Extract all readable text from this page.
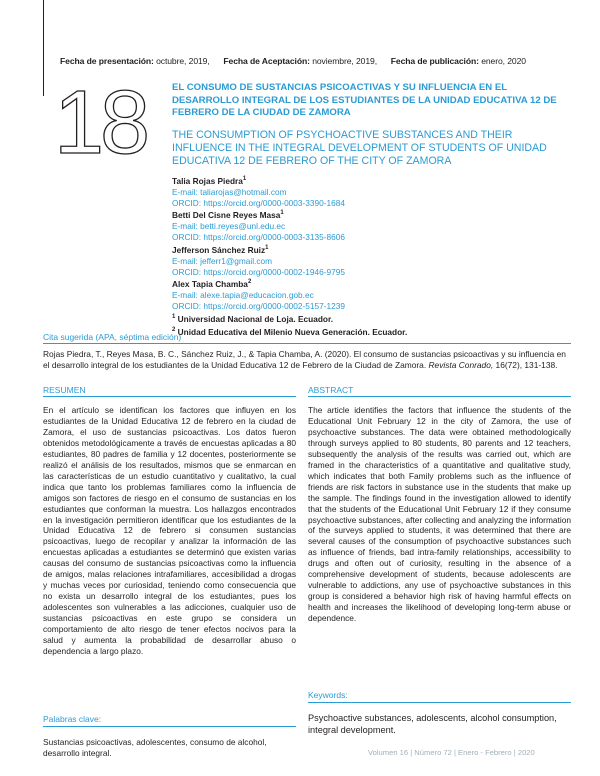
Fecha de presentación: octubre, 2019, Fecha de Aceptación: noviembre, 2019, Fecha de publicación: enero, 2020
18	EL CONSUMO DE SUSTANCIAS PSICOACTIVAS Y SU INFLUENCIA EN EL DESARROLLO INTEGRAL DE LOS ESTUDIANTES DE LA UNIDAD EDUCATIVA 12 DE FEBRERO DE LA CIUDAD DE ZAMORA
THE CONSUMPTION OF PSYCHOACTIVE SUBSTANCES AND THEIR INFLUENCE IN THE INTEGRAL DEVELOPMENT OF STUDENTS OF UNIDAD EDUCATIVA 12 DE FEBRERO OF THE CITY OF ZAMORA
Talia Rojas Piedra$^1$
E-mail: taliarojas@hotmail.com
ORCID: https://orcid.org/0000-0003-3390-1684
Betti Del Cisne Reyes Masa$^1$
E-mail: betti.reyes@unl.edu.ec
ORCID: https://orcid.org/0000-0003-3135-8606
Jefferson Sánchez Ruiz$^1$
E-mail: jefferr1@gmail.com
ORCID: https://orcid.org/0000-0002-1946-9795
Alex Tapia Chamba$^2$
E-mail: alexe.tapia@educacion.gob.ec
ORCID: https://orcid.org/0000-0002-5157-1239
$^1$ Universidad Nacional de Loja. Ecuador.
$^2$ Unidad Educativa del Milenio Nueva Generación. Ecuador.
Cita sugerida (APA, séptima edición)
Rojas Piedra, T., Reyes Masa, B. C., Sánchez Ruiz, J., & Tapia Chamba, A. (2020). El consumo de sustancias psicoactivas y su influencia en el desarrollo integral de los estudiantes de la Unidad Educativa 12 de Febrero de la Ciudad de Zamora. Revista Conrado, 16(72), 131-138.
RESUMEN
En el artículo se identifican los factores que influyen en los estudiantes de la Unidad Educativa 12 de febrero en la ciudad de Zamora, el uso de sustancias psicoactivas. Los datos fueron obtenidos metodológicamente a través de encuestas aplicadas a 80 estudiantes, 80 padres de familia y 12 docentes, posteriormente se realizó el análisis de los resultados, mismos que se enmarcan en las características de un estudio cuantitativo y cualitativo, la cual indica que tanto los problemas familiares como la influencia de amigos son factores de riesgo en el consumo de sustancias en los estudiantes que conforman la muestra. Los hallazgos encontrados en la investigación permitieron identificar que los estudiantes de la Unidad Educativa 12 de febrero si consumen sustancias psicoactivas, luego de recopilar y analizar la información de las encuestas aplicadas a estudiantes se determinó que existen varias causas del consumo de sustancias psicoactivas como la influencia de amigos, malas relaciones intrafamiliares, accesibilidad a drogas y muchas veces por curiosidad, teniendo como consecuencia que no exista un desarrollo integral de los estudiantes, pues los adolescentes son vulnerables a las adicciones, cualquier uso de sustancias psicoactivas en este grupo se considera un comportamiento de alto riesgo de tener efectos nocivos para la salud y aumenta la probabilidad de desarrollar abuso o dependencia a largo plazo.
Palabras clave:
Sustancias psicoactivas, adolescentes, consumo de alcohol, desarrollo integral.
ABSTRACT
The article identifies the factors that influence the students of the Educational Unit February 12 in the city of Zamora, the use of psychoactive substances. The data were obtained methodologically through surveys applied to 80 students, 80 parents and 12 teachers, subsequently the analysis of the results was carried out, which are framed in the characteristics of a quantitative and qualitative study, which indicates that both Family problems such as the influence of friends are risk factors in substance use in the students that make up the sample. The findings found in the investigation allowed to identify that the students of the Educational Unit February 12 if they consume psychoactive substances, after collecting and analyzing the information of the surveys applied to students, it was determined that there are several causes of the consumption of psychoactive substances such as influence of friends, bad intra-family relationships, accessibility to drugs and often out of curiosity, resulting in the absence of a comprehensive development of students, because adolescents are vulnerable to addictions, any use of psychoactive substances in this group is considered a behavior high risk of having harmful effects on health and increases the likelihood of developing long-term abuse or dependence.
Keywords:
Psychoactive substances, adolescents, alcohol consumption, integral development.
Volumen 16 | Número 72 | Enero - Febrero | 2020
